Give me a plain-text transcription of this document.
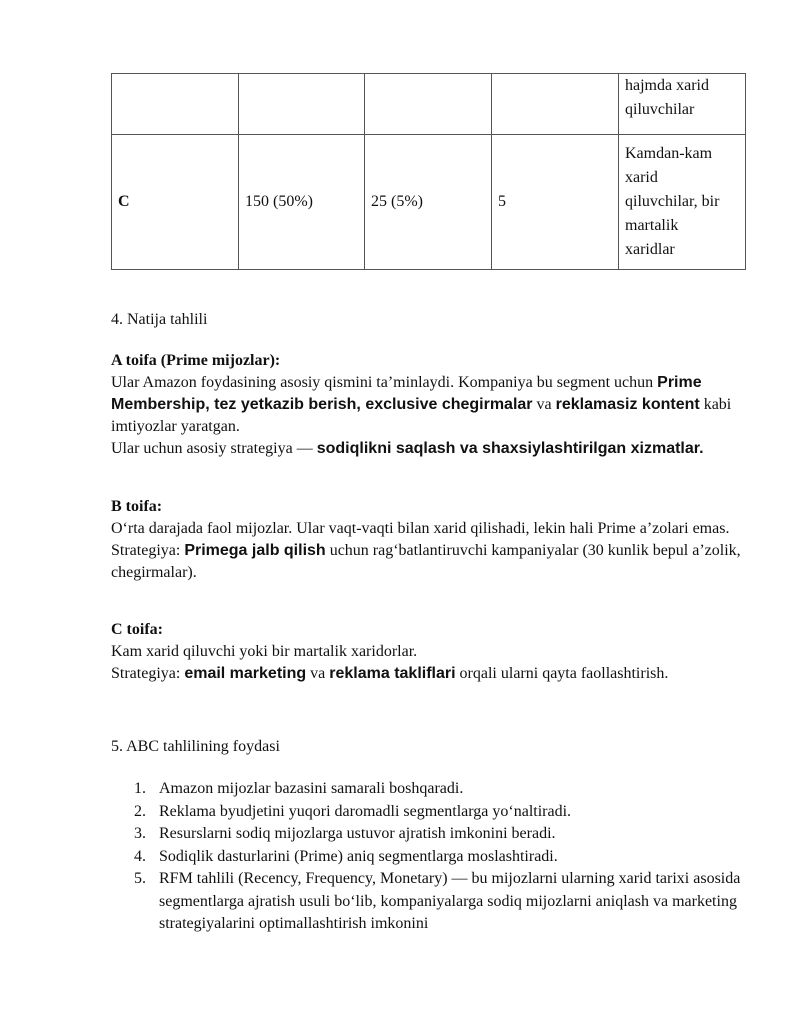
				hajmda xarid
qiluvchilar

C	150 (50%)	25 (5%)	5	Kamdan-kam
xarid
qiluvchilar, bir
martalik
xaridlar
4. Natija tahlili

A toifa (Prime mijozlar):

Ular Amazon foydasining asosiy qismini ta’minlaydi. Kompaniya bu segment uchun Prime Membership, tez yetkazib berish, exclusive chegirmalar va reklamasiz kontent kabi imtiyozlar yaratgan.
Ular uchun asosiy strategiya — sodiqlikni saqlash va shaxsiylashtirilgan xizmatlar.

B toifa:

O‘rta darajada faol mijozlar. Ular vaqt-vaqti bilan xarid qilishadi, lekin hali Prime a’zolari emas.
Strategiya: Primega jalb qilish uchun rag‘batlantiruvchi kampaniyalar (30 kunlik bepul a’zolik, chegirmalar).

C toifa:

Kam xarid qiluvchi yoki bir martalik xaridorlar.
Strategiya: email marketing va reklama takliflari orqali ularni qayta faollashtirish.

5. ABC tahlilining foydasi
1. Amazon mijozlar bazasini samarali boshqaradi.
2. Reklama byudjetini yuqori daromadli segmentlarga yo‘naltiradi.
3. Resurslarni sodiq mijozlarga ustuvor ajratish imkonini beradi.
4. Sodiqlik dasturlarini (Prime) aniq segmentlarga moslashtiradi.
5. RFM tahlili (Recency, Frequency, Monetary) — bu mijozlarni ularning xarid tarixi asosida segmentlarga ajratish usuli bo‘lib, kompaniyalarga sodiq mijozlarni aniqlash va marketing strategiyalarini optimallashtirish imkonini
